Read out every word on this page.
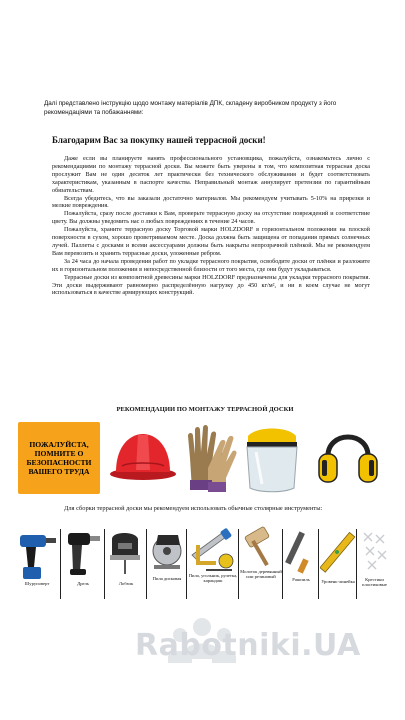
Далі представлено інструкцію щодо монтажу матеріалів ДПК, складену виробником продукту з його рекомендаціями та побажаннями:
Благодарим Вас за покупку нашей террасной доски!

Даже если вы планируете нанять профессионального установщика, пожалуйста, ознакомьтесь лично с рекомендациями по монтажу террасной доски. Вы можете быть уверены в том, что композитная террасная доска прослужит Вам не один десяток лет практически без технического обслуживания и будет соответствовать характеристикам, указанным в паспорте качества. Неправильный монтаж аннулирует претензии по гарантийным обязательствам.

Всегда убедитесь, что вы заказали достаточно материалов. Мы рекомендуем учитывать 5-10% на прирезки и мелкие повреждения.

Пожалуйста, сразу после доставки к Вам, проверьте террасную доску на отсутствие повреждений и соответствие цвету. Вы должны уведомить нас о любых повреждениях в течение 24 часов.

Пожалуйста, храните террасную доску Торговой марки HOLZDORF в горизонтальном положении на плоской поверхности в сухом, хорошо проветриваемом месте. Доска должна быть защищена от попадания прямых солнечных лучей. Паллеты с досками и всеми аксессуарами должны быть накрыты непрозрачной плёнкой. Мы не рекомендуем Вам перевозить и хранить террасные доски, уложенные ребром.

За 24 часа до начала проведения работ по укладке террасного покрытия, освободите доски от плёнки и разложите их в горизонтальном положении в непосредственной близости от того места, где они будут укладываться.

Террасные доски из композитной древесины марки HOLZDORF предназначены для укладки террасного покрытия. Эти доски выдерживают равномерно распределённую нагрузку до 450 кг/м², и ни в коем случае не могут использоваться в качестве армирующих конструкций.

РЕКОМЕНДАЦИИ ПО МОНТАЖУ ТЕРРАСНОЙ ДОСКИ
ПОЖАЛУЙСТА, ПОМНИТЕ О БЕЗОПАСНОСТИ ВАШЕГО ТРУДА
Для сборки террасной доски мы рекомендуем использовать обычные столярные инструменты:
Шуруповерт	Дрель	Лобзик
Пила дисковая
Пила, угольник, рулетка, карандаш
Молоток деревянный или резиновый
Рашпиль	Уровень-линейка	Крестики пластиковые
Rabotniki.UA
